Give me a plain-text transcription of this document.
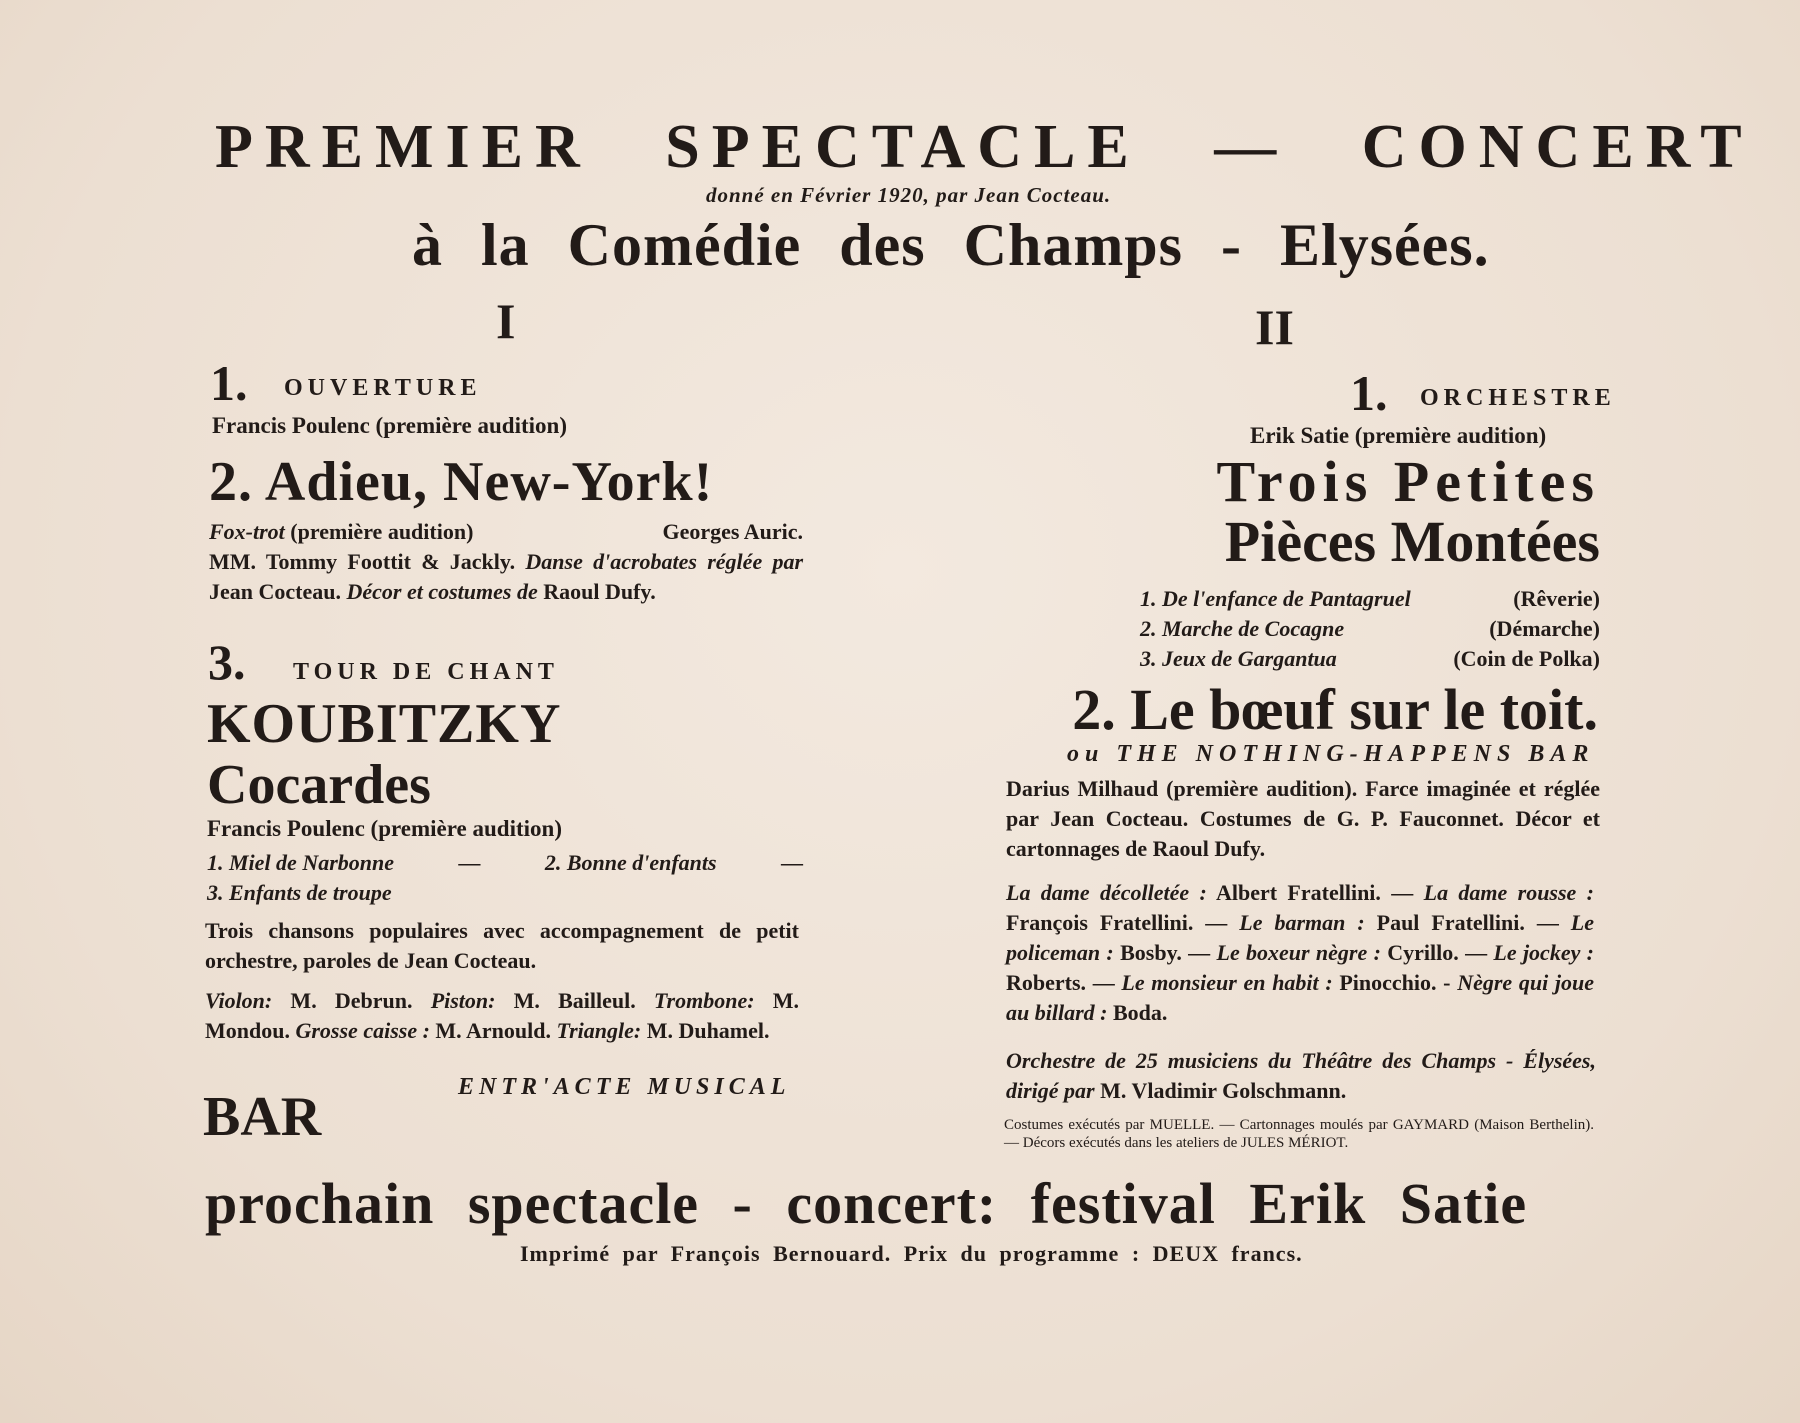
PREMIER SPECTACLE — CONCERT
donné en Février 1920, par Jean Cocteau.
à la Comédie des Champs - Elysées.
I	II
1. OUVERTURE
Francis Poulenc (première audition)
2. Adieu, New-York!
Fox-trot (première audition)	Georges Auric.
MM. Tommy Foottit & Jackly. Danse d'acrobates réglée par Jean Cocteau. Décor et costumes de Raoul Dufy.
3. TOUR DE CHANT
KOUBITZKY
Cocardes
Francis Poulenc (première audition)
1. Miel de Narbonne	—	2. Bonne d'enfants	—
3. Enfants de troupe
Trois chansons populaires avec accompagnement de petit orchestre, paroles de Jean Cocteau.
Violon: M. Debrun. Piston: M. Bailleul. Trombone: M. Mondou. Grosse caisse : M. Arnould. Triangle: M. Duhamel.
ENTR'ACTE MUSICAL
BAR
1. ORCHESTRE
Erik Satie (première audition)
Trois Petites
Pièces Montées
1. De l'enfance de Pantagruel	(Rêverie)
2. Marche de Cocagne	(Démarche)
3. Jeux de Gargantua	(Coin de Polka)
2. Le bœuf sur le toit.
ou THE NOTHING-HAPPENS BAR
Darius Milhaud (première audition). Farce imaginée et réglée par Jean Cocteau. Costumes de G. P. Fauconnet. Décor et cartonnages de Raoul Dufy.
La dame décolletée : Albert Fratellini. — La dame rousse : François Fratellini. — Le barman : Paul Fratellini. — Le policeman : Bosby. — Le boxeur nègre : Cyrillo. — Le jockey : Roberts. — Le monsieur en habit : Pinocchio. - Nègre qui joue au billard : Boda.
Orchestre de 25 musiciens du Théâtre des Champs - Élysées, dirigé par M. Vladimir Golschmann.
Costumes exécutés par MUELLE. — Cartonnages moulés par GAYMARD (Maison Berthelin). — Décors exécutés dans les ateliers de JULES MÉRIOT.
prochain spectacle - concert: festival Erik Satie
Imprimé par François Bernouard. Prix du programme : DEUX francs.
